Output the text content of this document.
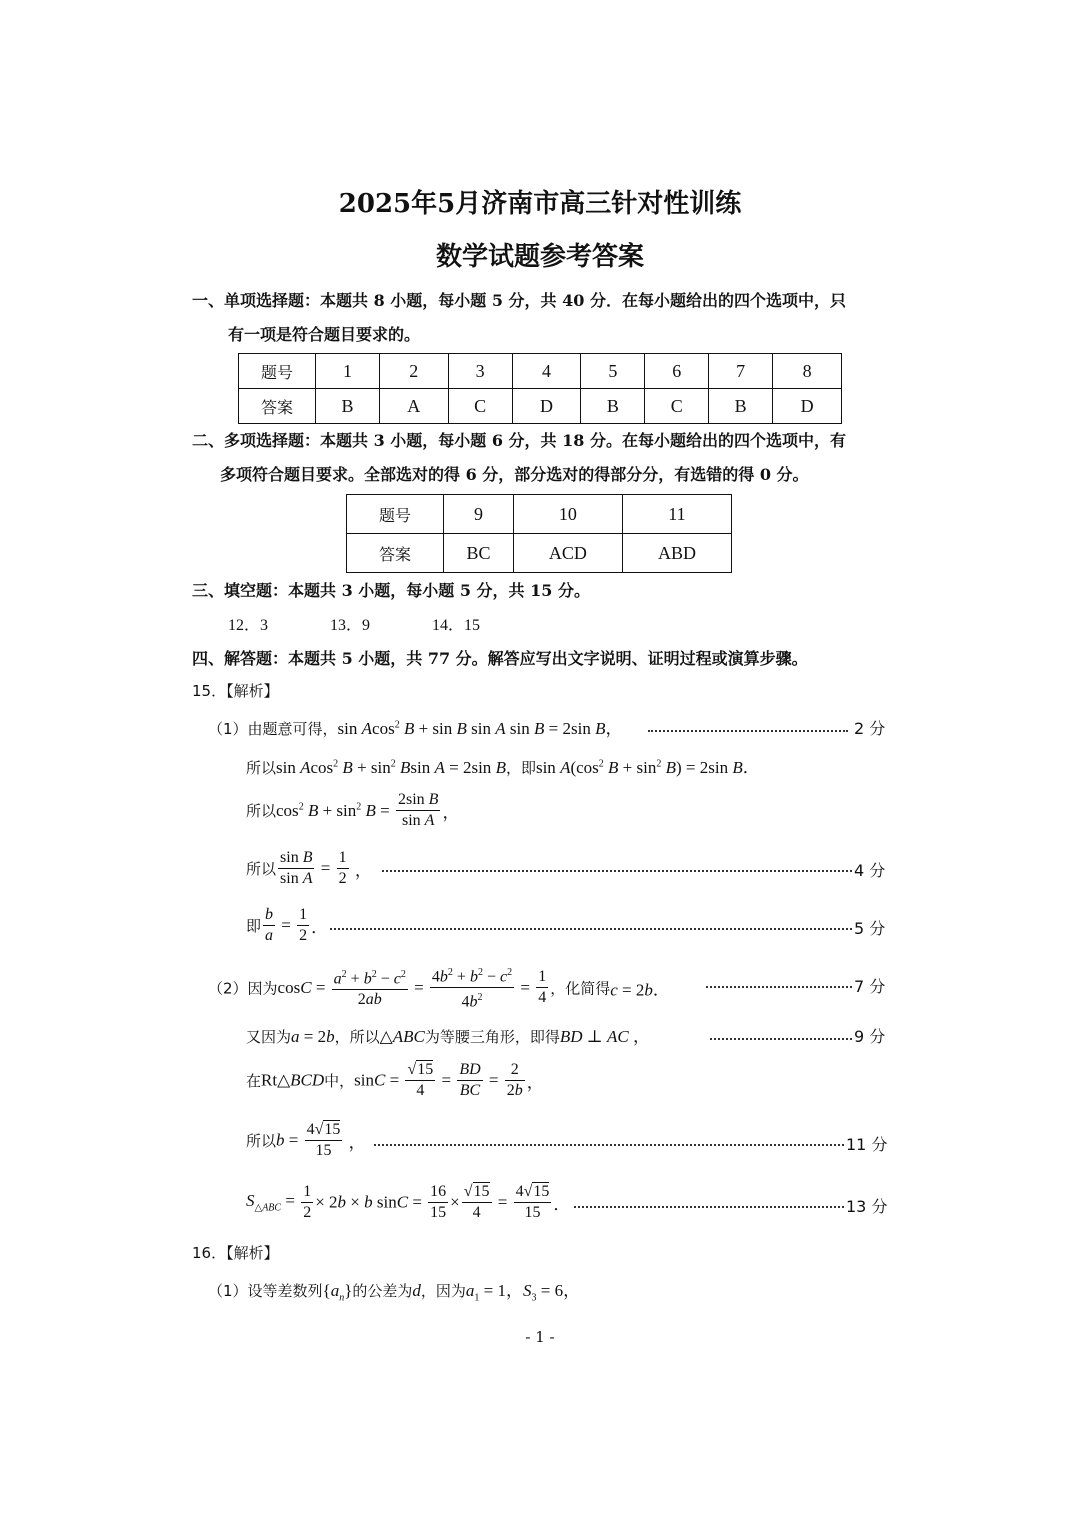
2025年5月济南市高三针对性训练
数学试题参考答案
一、单项选择题：本题共 8 小题，每小题 5 分，共 40 分．在每小题给出的四个选项中，只
有一项是符合题目要求的。
题号	1	2	3	4	5	6	7	8
答案	B	A	C	D	B	C	B	D
二、多项选择题：本题共 3 小题，每小题 6 分，共 18 分。在每小题给出的四个选项中，有
多项符合题目要求。全部选对的得 6 分，部分选对的得部分分，有选错的得 0 分。
题号	9	10	11
答案	BC	ACD	ABD
三、填空题：本题共 3 小题，每小题 5 分，共 15 分。
12．3	13．9	14．15
四、解答题：本题共 5 小题，共 77 分。解答应写出文字说明、证明过程或演算步骤。
15．【解析】
（1）由题意可得，sin Acos$^2$ B + sin B sin A sin B = 2sin B，	2 分
所以sin Acos$^2$ $B + \sin^2 Bsin$ A = 2sin B，即$\sin A(\cos^2$ $B + \sin^2 B) = 2\sin$ B．
所以$\cos^2 B + \sin^2 B = \frac{\text{2sin B}}{\text{sin A}}$ ，
所以 $\frac{\text{sin B}}{\text{sin A}} = \frac{1}{2}$ ，	4 分
即 $\frac{b}{a} = \frac{1}{2}$ ．	5 分
（2）因为$\cos C = \frac{a^2 + b^2 - c^2}{2ab} = \frac{4b^2 + b^2 - c^2}{4b^2} = \frac{1}{4}$ ，化简得c = 2b．	7 分
又因为a = 2b，所以△ABC为等腰三角形，即得BD ⊥ AC ，	9 分
在Rt△BCD中，$\sin C = \frac{√15}{4} = \frac{BD}{BC} = \frac{2}{2b}$ ，
所以$b = \frac{4√15}{15}$ ，	11 分
$S_{\triangle ABC} = \frac{1}{2} \times 2b \times b$ $\sin C = \frac{16}{15} \times \frac{√15}{4} = \frac{4√15}{15}$ ．	13 分
16．【解析】
（1）设等差数列$\{a_n\}$的公差为d，因为$a_1 = 1$，$S_3 = 6$，
- 1 -
